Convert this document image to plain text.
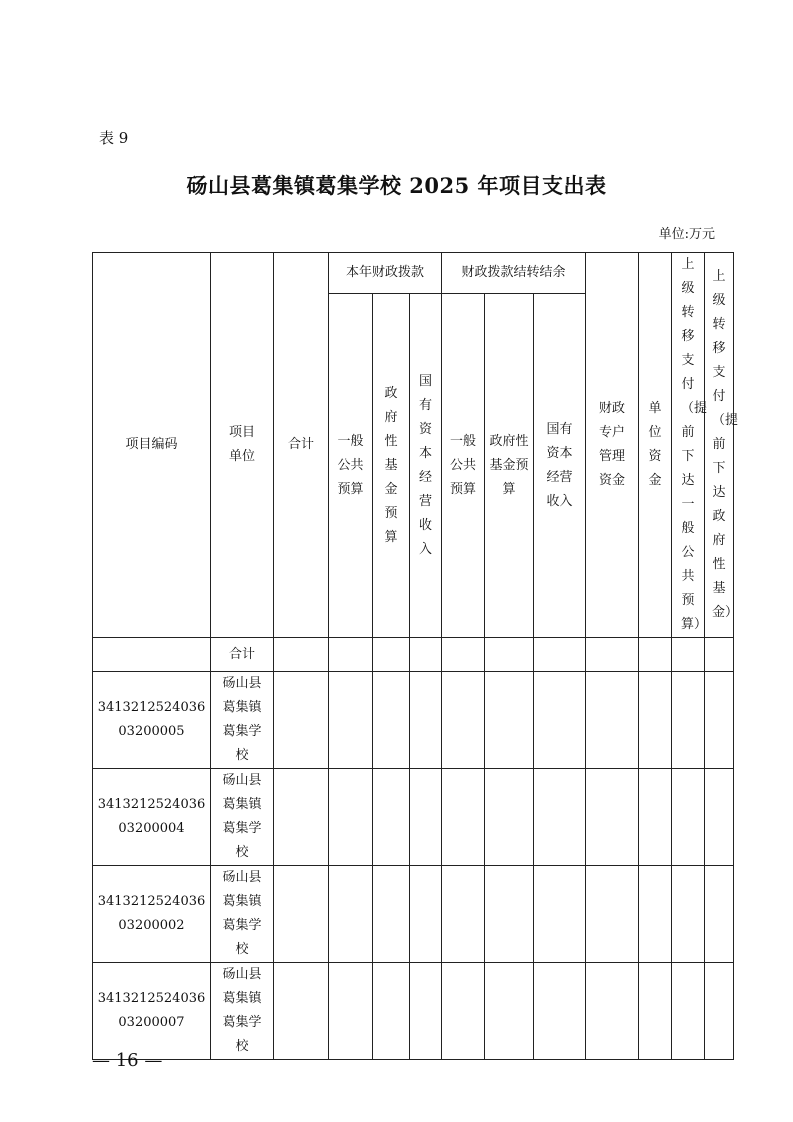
表 9
砀山县葛集镇葛集学校 2025 年项目支出表
单位:万元
项目编码	项目单位	合计	本年财政拨款			财政拨款结转结余			财政专户管理资金	单位资金	上级转移支付（提前下达一般公共预算）	上级转移支付（提前下达政府性基金）
			一般公共预算	政府性基金预算	国有资本经营收入	一般公共预算	政府性基金预算	国有资本经营收入				
	合计											

341321252403603200005	砀山县葛集镇葛集学校											

341321252403603200004	砀山县葛集镇葛集学校											

341321252403603200002	砀山县葛集镇葛集学校											

341321252403603200007	砀山县葛集镇葛集学校											
— 16 —
